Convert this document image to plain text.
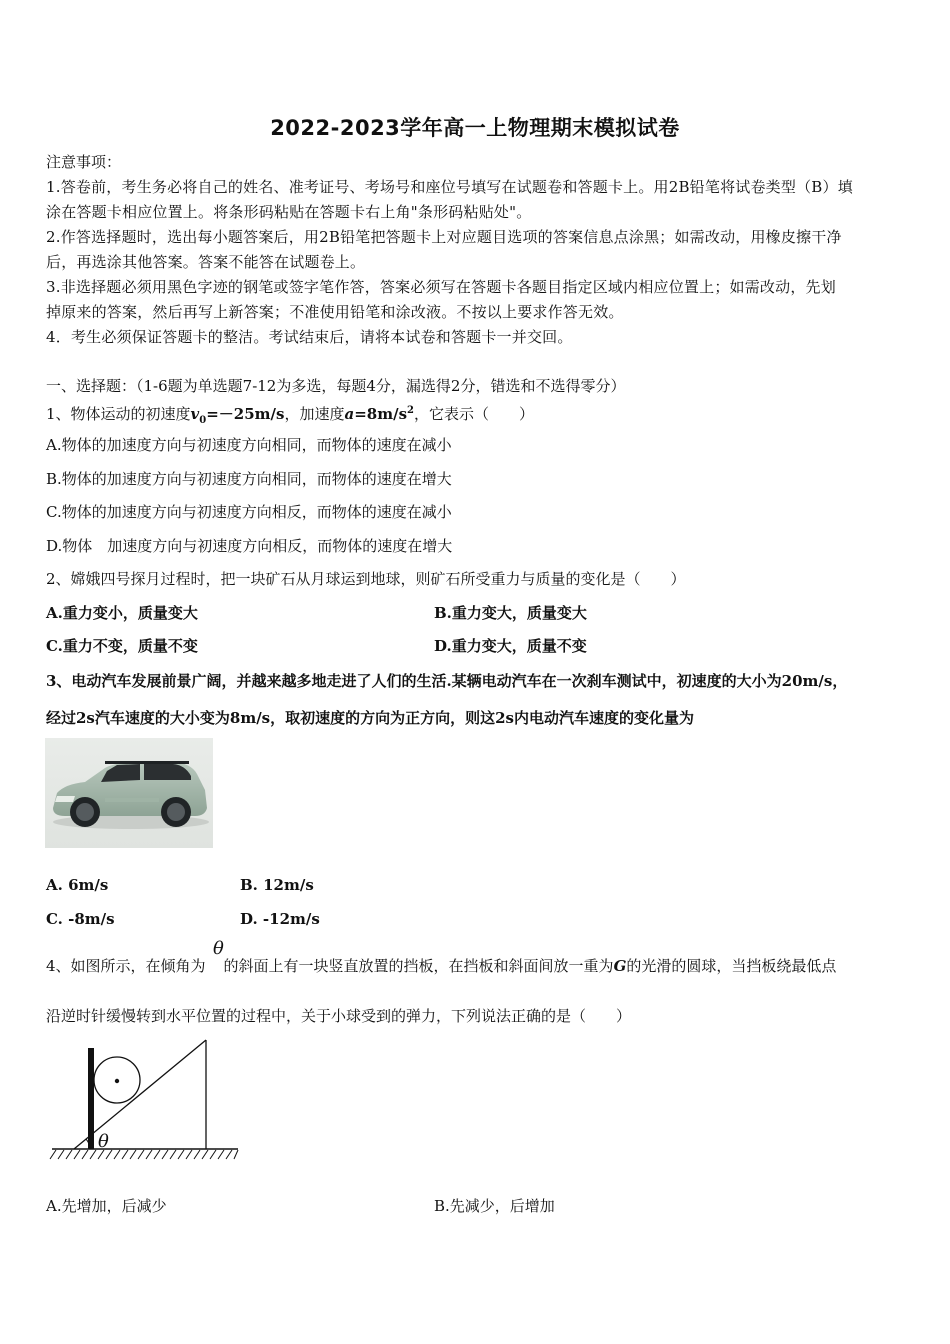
2022-2023学年高一上物理期末模拟试卷
注意事项：
1.答卷前，考生务必将自己的姓名、准考证号、考场号和座位号填写在试题卷和答题卡上。用2B铅笔将试卷类型（B）填
涂在答题卡相应位置上。将条形码粘贴在答题卡右上角"条形码粘贴处"。
2.作答选择题时，选出每小题答案后，用2B铅笔把答题卡上对应题目选项的答案信息点涂黑；如需改动，用橡皮擦干净
后，再选涂其他答案。答案不能答在试题卷上。
3.非选择题必须用黑色字迹的钢笔或签字笔作答，答案必须写在答题卡各题目指定区域内相应位置上；如需改动，先划
掉原来的答案，然后再写上新答案；不准使用铅笔和涂改液。不按以上要求作答无效。
4．考生必须保证答题卡的整洁。考试结束后，请将本试卷和答题卡一并交回。
一、选择题：（1-6题为单选题7-12为多选，每题4分，漏选得2分，错选和不选得零分）
1、物体运动的初速度$v_0=-25m/s$，加速度$a=8m/s^2$，它表示（　　）
A.物体的加速度方向与初速度方向相同，而物体的速度在减小
B.物体的加速度方向与初速度方向相同，而物体的速度在增大
C.物体的加速度方向与初速度方向相反，而物体的速度在减小
D.物体　加速度方向与初速度方向相反，而物体的速度在增大
2、嫦娥四号探月过程时，把一块矿石从月球运到地球，则矿石所受重力与质量的变化是（　　）
A.重力变小，质量变大	B.重力变大，质量变大
C.重力不变，质量不变	D.重力变大，质量不变
3、电动汽车发展前景广阔，并越来越多地走进了人们的生活.某辆电动汽车在一次刹车测试中，初速度的大小为20m/s，
经过2s汽车速度的大小变为8m/s，取初速度的方向为正方向，则这2s内电动汽车速度的变化量为
A. 6m/s	B. 12m/s
C. -8m/s	D. -12m/s
θ
4、如图所示，在倾角为 的斜面上有一块竖直放置的挡板，在挡板和斜面间放一重为G的光滑的圆球，当挡板绕最低点
沿逆时针缓慢转到水平位置的过程中，关于小球受到的弹力，下列说法正确的是（　　）
θ
A.先增加，后减少	B.先减少，后增加
